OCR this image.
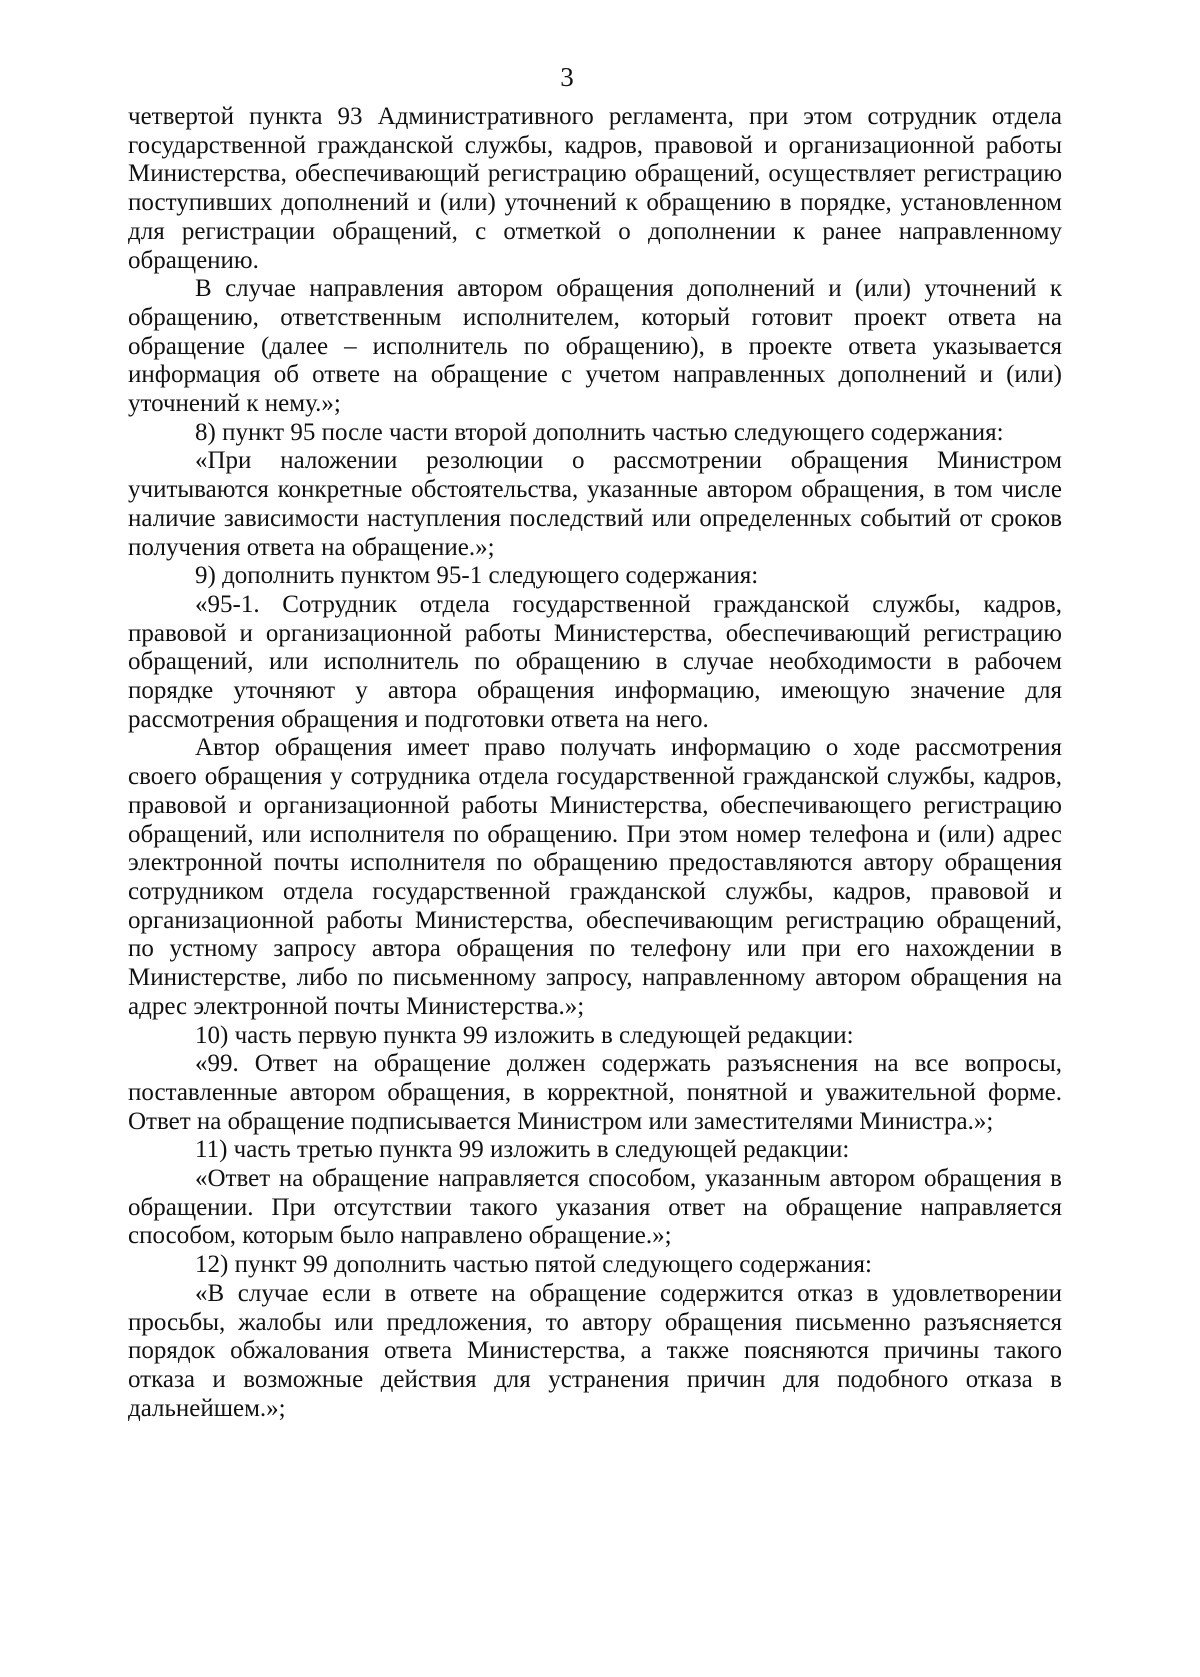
3

четвертой пункта 93 Административного регламента, при этом сотрудник отдела государственной гражданской службы, кадров, правовой и организационной работы Министерства, обеспечивающий регистрацию обращений, осуществляет регистрацию поступивших дополнений и (или) уточнений к обращению в порядке, установленном для регистрации обращений, с отметкой о дополнении к ранее направленному обращению.

В случае направления автором обращения дополнений и (или) уточнений к обращению, ответственным исполнителем, который готовит проект ответа на обращение (далее – исполнитель по обращению), в проекте ответа указывается информация об ответе на обращение с учетом направленных дополнений и (или) уточнений к нему.»;

8) пункт 95 после части второй дополнить частью следующего содержания:

«При наложении резолюции о рассмотрении обращения Министром учитываются конкретные обстоятельства, указанные автором обращения, в том числе наличие зависимости наступления последствий или определенных событий от сроков получения ответа на обращение.»;

9) дополнить пунктом 95-1 следующего содержания:

«95-1. Сотрудник отдела государственной гражданской службы, кадров, правовой и организационной работы Министерства, обеспечивающий регистрацию обращений, или исполнитель по обращению в случае необходимости в рабочем порядке уточняют у автора обращения информацию, имеющую значение для рассмотрения обращения и подготовки ответа на него.

Автор обращения имеет право получать информацию о ходе рассмотрения своего обращения у сотрудника отдела государственной гражданской службы, кадров, правовой и организационной работы Министерства, обеспечивающего регистрацию обращений, или исполнителя по обращению. При этом номер телефона и (или) адрес электронной почты исполнителя по обращению предоставляются автору обращения сотрудником отдела государственной гражданской службы, кадров, правовой и организационной работы Министерства, обеспечивающим регистрацию обращений, по устному запросу автора обращения по телефону или при его нахождении в Министерстве, либо по письменному запросу, направленному автором обращения на адрес электронной почты Министерства.»;

10) часть первую пункта 99 изложить в следующей редакции:

«99. Ответ на обращение должен содержать разъяснения на все вопросы, поставленные автором обращения, в корректной, понятной и уважительной форме. Ответ на обращение подписывается Министром или заместителями Министра.»;

11) часть третью пункта 99 изложить в следующей редакции:

«Ответ на обращение направляется способом, указанным автором обращения в обращении. При отсутствии такого указания ответ на обращение направляется способом, которым было направлено обращение.»;

12) пункт 99 дополнить частью пятой следующего содержания:

«В случае если в ответе на обращение содержится отказ в удовлетворении просьбы, жалобы или предложения, то автору обращения письменно разъясняется порядок обжалования ответа Министерства, а также поясняются причины такого отказа и возможные действия для устранения причин для подобного отказа в дальнейшем.»;
